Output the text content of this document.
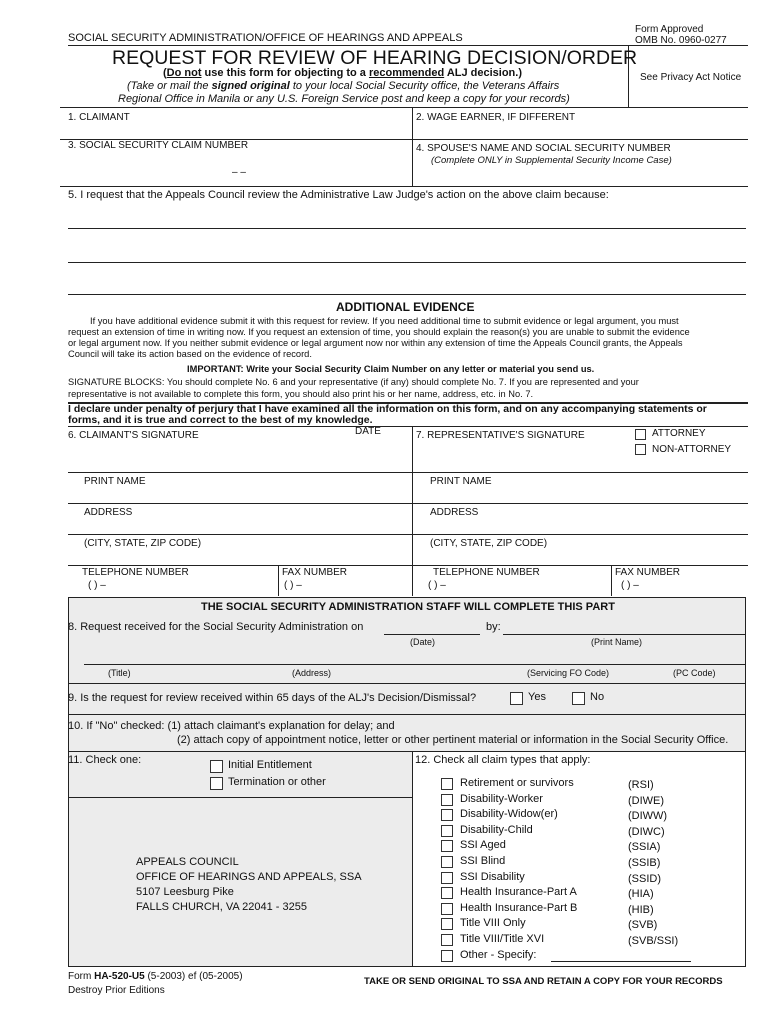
SOCIAL SECURITY ADMINISTRATION/OFFICE OF HEARINGS AND APPEALS
Form Approved
OMB No. 0960-0277
See Privacy Act Notice
REQUEST FOR REVIEW OF HEARING DECISION/ORDER
(Do not use this form for objecting to a recommended ALJ decision.)
(Take or mail the signed original to your local Social Security office, the Veterans Affairs
Regional Office in Manila or any U.S. Foreign Service post and keep a copy for your records)
1. CLAIMANT	2. WAGE EARNER, IF DIFFERENT
3. SOCIAL SECURITY CLAIM NUMBER
– –
4. SPOUSE'S NAME AND SOCIAL SECURITY NUMBER
(Complete ONLY in Supplemental Security Income Case)
5. I request that the Appeals Council review the Administrative Law Judge's action on the above claim because:
ADDITIONAL EVIDENCE
If you have additional evidence submit it with this request for review. If you need additional time to submit evidence or legal argument, you must
request an extension of time in writing now. If you request an extension of time, you should explain the reason(s) you are unable to submit the evidence
or legal argument now. If you neither submit evidence or legal argument now nor within any extension of time the Appeals Council grants, the Appeals
Council will take its action based on the evidence of record.
IMPORTANT: Write your Social Security Claim Number on any letter or material you send us.
SIGNATURE BLOCKS: You should complete No. 6 and your representative (if any) should complete No. 7. If you are represented and your
representative is not available to complete this form, you should also print his or her name, address, etc. in No. 7.
I declare under penalty of perjury that I have examined all the information on this form, and on any accompanying statements or
forms, and it is true and correct to the best of my knowledge.
6. CLAIMANT'S SIGNATURE	DATE	7. REPRESENTATIVE'S SIGNATURE	ATTORNEY
NON-ATTORNEY
PRINT NAME	PRINT NAME
ADDRESS	ADDRESS
(CITY, STATE, ZIP CODE)	(CITY, STATE, ZIP CODE)
TELEPHONE NUMBER	FAX NUMBER	TELEPHONE NUMBER	FAX NUMBER
( ) –	( ) –	( ) –	( ) –
THE SOCIAL SECURITY ADMINISTRATION STAFF WILL COMPLETE THIS PART
8. Request received for the Social Security Administration on	by:
(Date)	(Print Name)
(Title)	(Address)	(Servicing FO Code)	(PC Code)
9. Is the request for review received within 65 days of the ALJ's Decision/Dismissal?	Yes	No
10. If "No" checked: (1) attach claimant's explanation for delay; and
(2) attach copy of appointment notice, letter or other pertinent material or information in the Social Security Office.
11. Check one:	Initial Entitlement
Termination or other
APPEALS COUNCIL
OFFICE OF HEARINGS AND APPEALS, SSA
5107 Leesburg Pike
FALLS CHURCH, VA 22041 - 3255
12. Check all claim types that apply:
Retirement or survivors	(RSI)
Disability-Worker	(DIWE)
Disability-Widow(er)	(DIWW)
Disability-Child	(DIWC)
SSI Aged	(SSIA)
SSI Blind	(SSIB)
SSI Disability	(SSID)
Health Insurance-Part A	(HIA)
Health Insurance-Part B	(HIB)
Title VIII Only	(SVB)
Title VIII/Title XVI	(SVB/SSI)
Other - Specify:
Form HA-520-U5 (5-2003) ef (05-2005)
Destroy Prior Editions
TAKE OR SEND ORIGINAL TO SSA AND RETAIN A COPY FOR YOUR RECORDS
